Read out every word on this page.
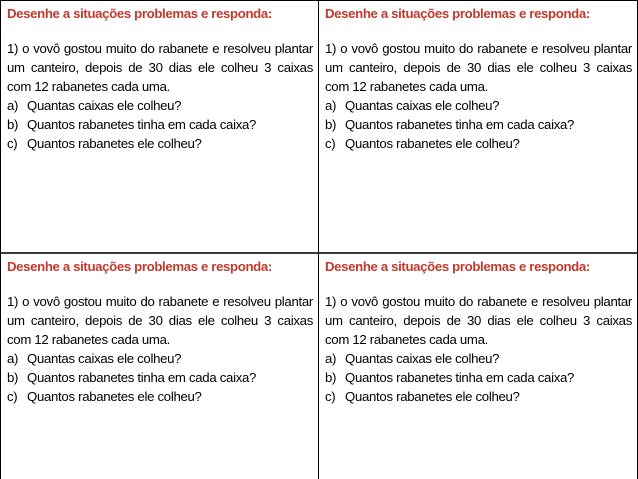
Desenhe a situações problemas e responda:

1) o vovô gostou muito do rabanete e resolveu plantar um canteiro, depois de 30 dias ele colheu 3 caixas com 12 rabanetes cada uma.

a) Quantas caixas ele colheu?
b) Quantos rabanetes tinha em cada caixa?
c) Quantos rabanetes ele colheu?

Desenhe a situações problemas e responda:

1) o vovô gostou muito do rabanete e resolveu plantar um canteiro, depois de 30 dias ele colheu 3 caixas com 12 rabanetes cada uma.

a) Quantas caixas ele colheu?
b) Quantos rabanetes tinha em cada caixa?
c) Quantos rabanetes ele colheu?

Desenhe a situações problemas e responda:

1) o vovô gostou muito do rabanete e resolveu plantar um canteiro, depois de 30 dias ele colheu 3 caixas com 12 rabanetes cada uma.

a) Quantas caixas ele colheu?
b) Quantos rabanetes tinha em cada caixa?
c) Quantos rabanetes ele colheu?

Desenhe a situações problemas e responda:

1) o vovô gostou muito do rabanete e resolveu plantar um canteiro, depois de 30 dias ele colheu 3 caixas com 12 rabanetes cada uma.

a) Quantas caixas ele colheu?
b) Quantos rabanetes tinha em cada caixa?
c) Quantos rabanetes ele colheu?
